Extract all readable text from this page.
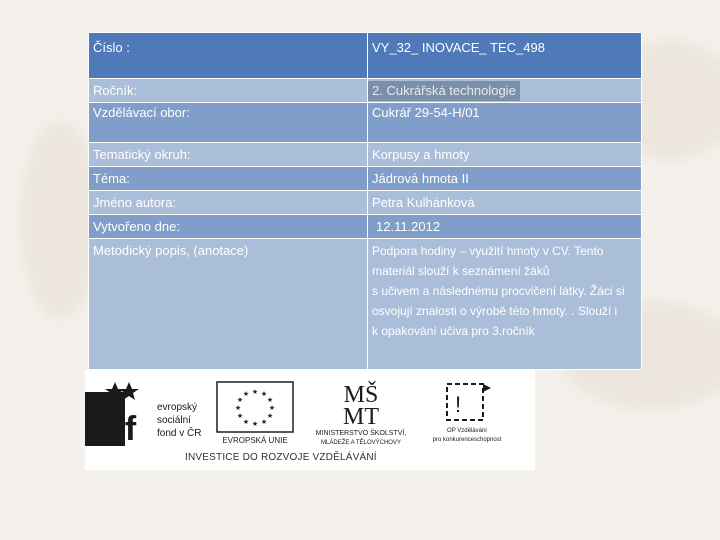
Číslo :	VY_32_ INOVACE_ TEC_498
Ročník:	2. Cukrářská technologie
Vzdělávací obor:	Cukrář 29-54-H/01
Tematický okruh:	Korpusy a hmoty
Téma:	Jádrová hmota II
Jméno autora:	Petra Kulhánková
Vytvořeno dne:	12.11.2012

Metodický popis, (anotace)	Podpora hodiny – využití hmoty v CV. Tento
materiál slouží k seznámení žáků
s učivem a následnému procvičení látky. Žáci si
osvojují znalosti o výrobě této hmoty. . Slouží i
k opakování učiva pro 3.ročník
esf
evropský
sociální
fond v ČR
★ ★
★
★
★
★
★
★
★
★
★
★
EVROPSKÁ UNIE
MŠ
MT
MINISTERSTVO ŠKOLSTVÍ,
MLÁDEŽE A TĚLOVÝCHOVY
!
OP Vzdělávání
pro konkurenceschopnost
INVESTICE DO ROZVOJE VZDĚLÁVÁNÍ
